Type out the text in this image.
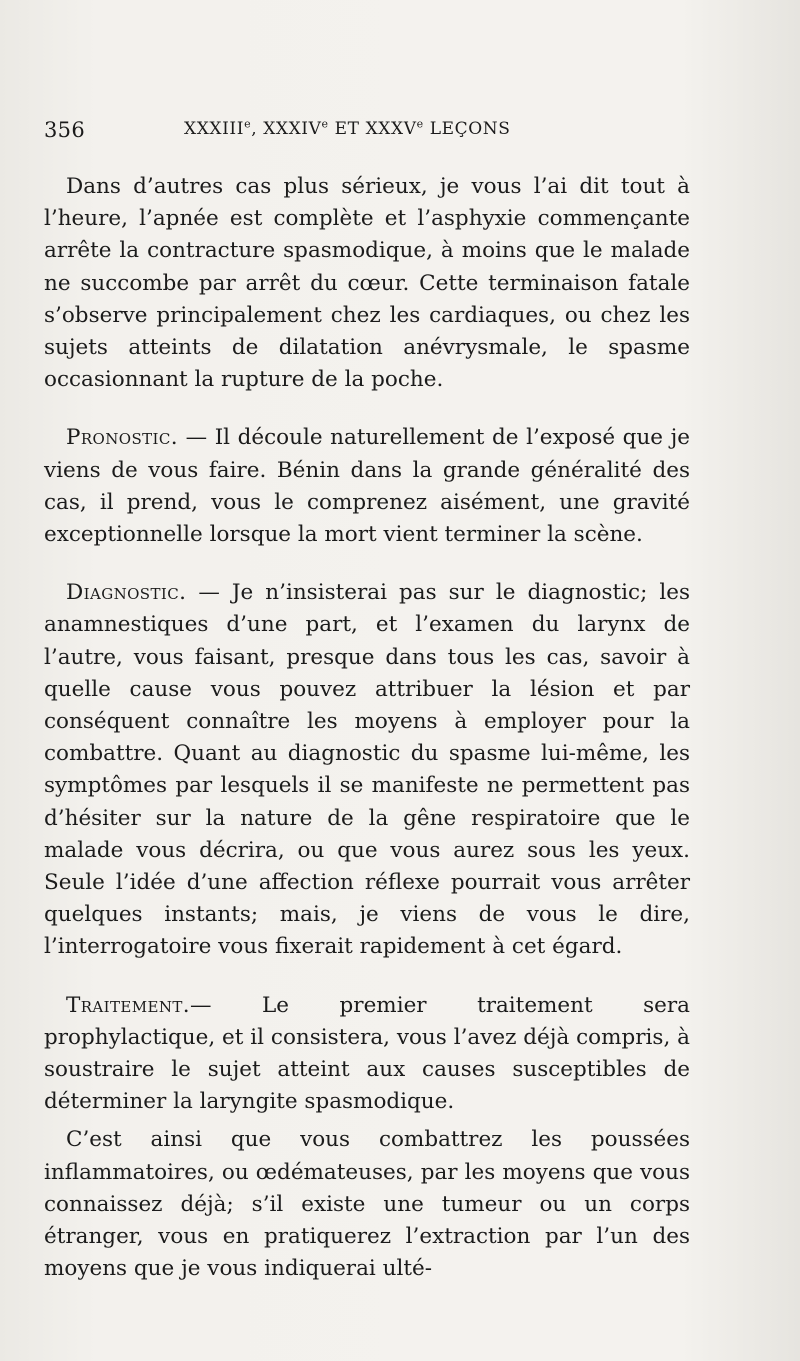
356	XXXIIIe, XXXIVe ET XXXVe LEÇONS

Dans d’autres cas plus sérieux, je vous l’ai dit tout à l’heure, l’apnée est complète et l’asphyxie commençante arrête la contracture spasmodique, à moins que le malade ne succombe par arrêt du cœur. Cette terminaison fatale s’observe principalement chez les cardiaques, ou chez les sujets atteints de dilatation anévrysmale, le spasme occasionnant la rupture de la poche.

Pronostic. — Il découle naturellement de l’exposé que je viens de vous faire. Bénin dans la grande généralité des cas, il prend, vous le comprenez aisément, une gravité exceptionnelle lorsque la mort vient terminer la scène.

Diagnostic. — Je n’insisterai pas sur le diagnostic; les anamnestiques d’une part, et l’examen du larynx de l’autre, vous faisant, presque dans tous les cas, savoir à quelle cause vous pouvez attribuer la lésion et par conséquent connaître les moyens à employer pour la combattre. Quant au diagnostic du spasme lui-même, les symptômes par lesquels il se manifeste ne permettent pas d’hésiter sur la nature de la gêne respiratoire que le malade vous décrira, ou que vous aurez sous les yeux. Seule l’idée d’une affection réflexe pourrait vous arrêter quelques instants; mais, je viens de vous le dire, l’interrogatoire vous fixerait rapidement à cet égard.

Traitement.— Le premier traitement sera prophylactique, et il consistera, vous l’avez déjà compris, à soustraire le sujet atteint aux causes susceptibles de déterminer la laryngite spasmodique.

C’est ainsi que vous combattrez les poussées inflammatoires, ou œdémateuses, par les moyens que vous connaissez déjà; s’il existe une tumeur ou un corps étranger, vous en pratiquerez l’extraction par l’un des moyens que je vous indiquerai ulté-
